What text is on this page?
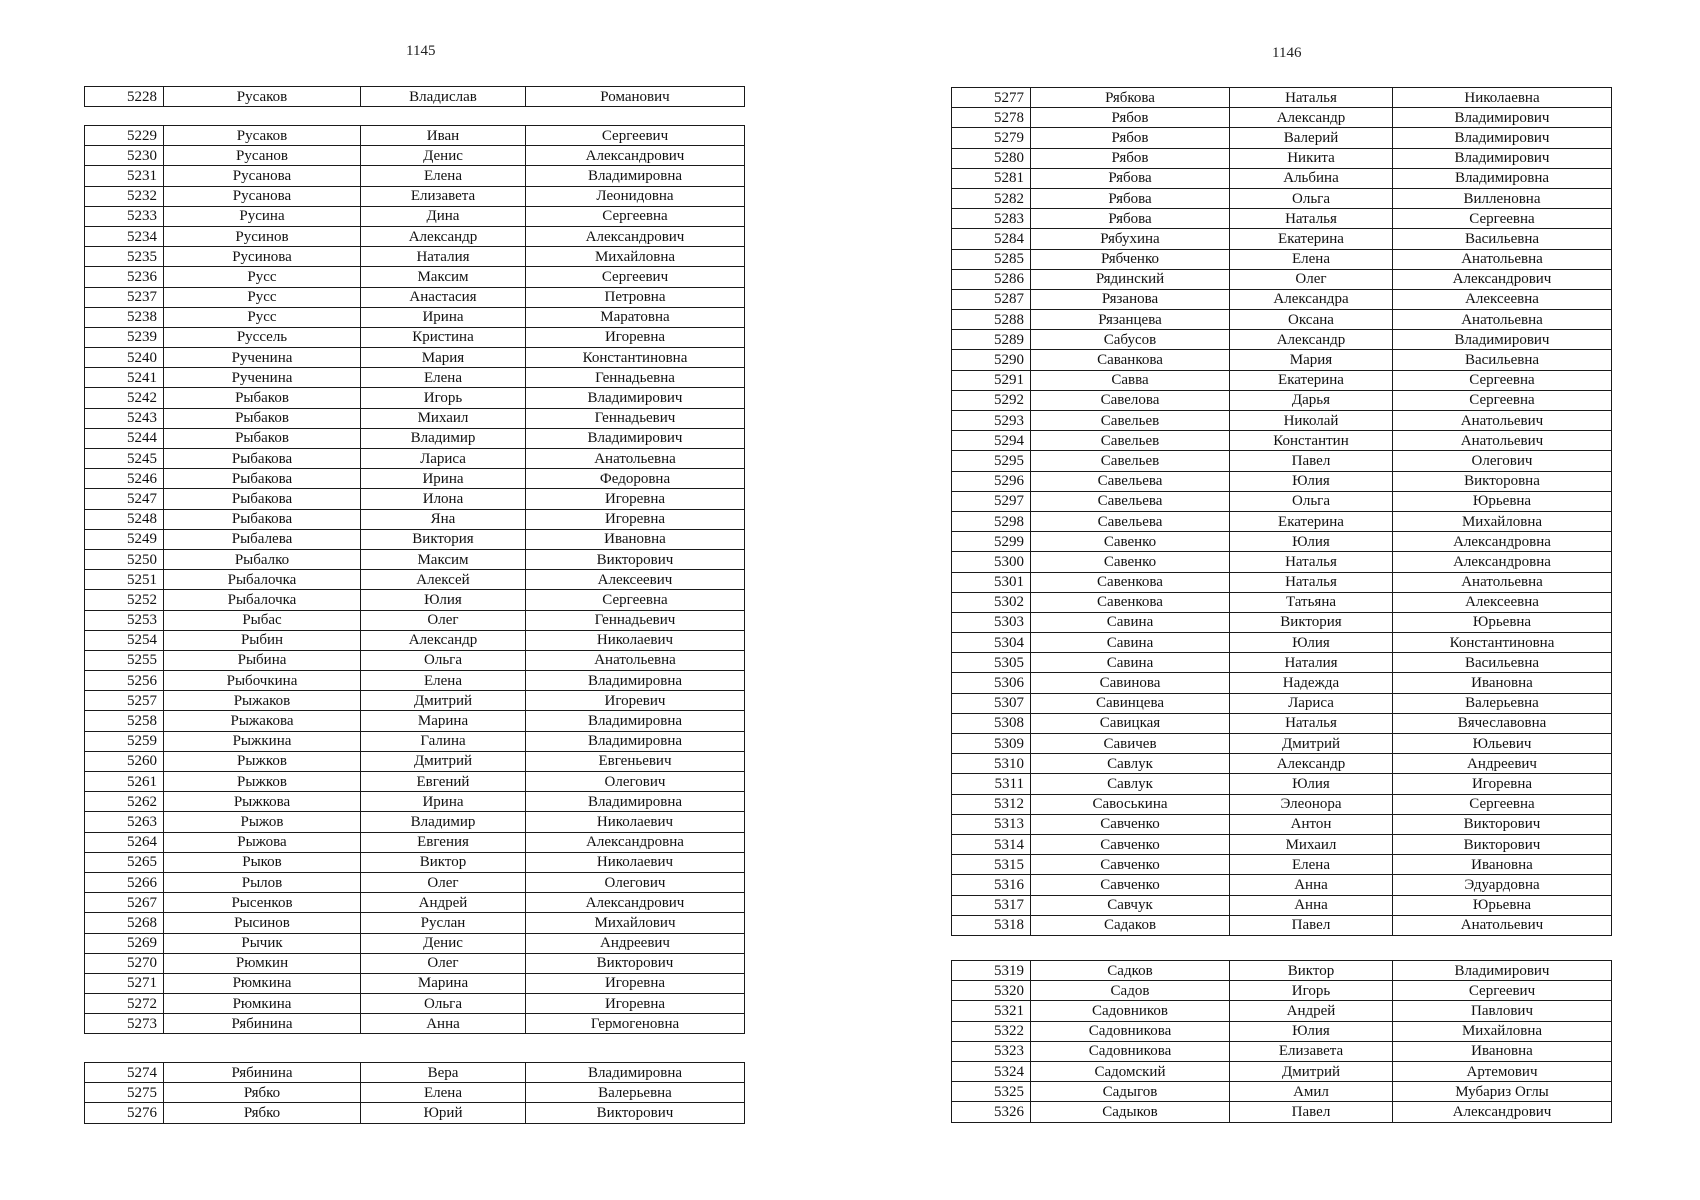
1145	1146
5228	Русаков	Владислав	Романович
5229	Русаков	Иван	Сергеевич
5230	Русанов	Денис	Александрович
5231	Русанова	Елена	Владимировна
5232	Русанова	Елизавета	Леонидовна
5233	Русина	Дина	Сергеевна
5234	Русинов	Александр	Александрович
5235	Русинова	Наталия	Михайловна
5236	Русс	Максим	Сергеевич
5237	Русс	Анастасия	Петровна
5238	Русс	Ирина	Маратовна
5239	Руссель	Кристина	Игоревна
5240	Рученина	Мария	Константиновна
5241	Рученина	Елена	Геннадьевна
5242	Рыбаков	Игорь	Владимирович
5243	Рыбаков	Михаил	Геннадьевич
5244	Рыбаков	Владимир	Владимирович
5245	Рыбакова	Лариса	Анатольевна
5246	Рыбакова	Ирина	Федоровна
5247	Рыбакова	Илона	Игоревна
5248	Рыбакова	Яна	Игоревна
5249	Рыбалева	Виктория	Ивановна
5250	Рыбалко	Максим	Викторович
5251	Рыбалочка	Алексей	Алексеевич
5252	Рыбалочка	Юлия	Сергеевна
5253	Рыбас	Олег	Геннадьевич
5254	Рыбин	Александр	Николаевич
5255	Рыбина	Ольга	Анатольевна
5256	Рыбочкина	Елена	Владимировна
5257	Рыжаков	Дмитрий	Игоревич
5258	Рыжакова	Марина	Владимировна
5259	Рыжкина	Галина	Владимировна
5260	Рыжков	Дмитрий	Евгеньевич
5261	Рыжков	Евгений	Олегович
5262	Рыжкова	Ирина	Владимировна
5263	Рыжов	Владимир	Николаевич
5264	Рыжова	Евгения	Александровна
5265	Рыков	Виктор	Николаевич
5266	Рылов	Олег	Олегович
5267	Рысенков	Андрей	Александрович
5268	Рысинов	Руслан	Михайлович
5269	Рычик	Денис	Андреевич
5270	Рюмкин	Олег	Викторович
5271	Рюмкина	Марина	Игоревна
5272	Рюмкина	Ольга	Игоревна
5273	Рябинина	Анна	Гермогеновна
5274	Рябинина	Вера	Владимировна
5275	Рябко	Елена	Валерьевна
5276	Рябко	Юрий	Викторович
5277	Рябкова	Наталья	Николаевна
5278	Рябов	Александр	Владимирович
5279	Рябов	Валерий	Владимирович
5280	Рябов	Никита	Владимирович
5281	Рябова	Альбина	Владимировна
5282	Рябова	Ольга	Вилленовна
5283	Рябова	Наталья	Сергеевна
5284	Рябухина	Екатерина	Васильевна
5285	Рябченко	Елена	Анатольевна
5286	Рядинский	Олег	Александрович
5287	Рязанова	Александра	Алексеевна
5288	Рязанцева	Оксана	Анатольевна
5289	Сабусов	Александр	Владимирович
5290	Саванкова	Мария	Васильевна
5291	Савва	Екатерина	Сергеевна
5292	Савелова	Дарья	Сергеевна
5293	Савельев	Николай	Анатольевич
5294	Савельев	Константин	Анатольевич
5295	Савельев	Павел	Олегович
5296	Савельева	Юлия	Викторовна
5297	Савельева	Ольга	Юрьевна
5298	Савельева	Екатерина	Михайловна
5299	Савенко	Юлия	Александровна
5300	Савенко	Наталья	Александровна
5301	Савенкова	Наталья	Анатольевна
5302	Савенкова	Татьяна	Алексеевна
5303	Савина	Виктория	Юрьевна
5304	Савина	Юлия	Константиновна
5305	Савина	Наталия	Васильевна
5306	Савинова	Надежда	Ивановна
5307	Савинцева	Лариса	Валерьевна
5308	Савицкая	Наталья	Вячеславовна
5309	Савичев	Дмитрий	Юльевич
5310	Савлук	Александр	Андреевич
5311	Савлук	Юлия	Игоревна
5312	Савоськина	Элеонора	Сергеевна
5313	Савченко	Антон	Викторович
5314	Савченко	Михаил	Викторович
5315	Савченко	Елена	Ивановна
5316	Савченко	Анна	Эдуардовна
5317	Савчук	Анна	Юрьевна
5318	Садаков	Павел	Анатольевич
5319	Садков	Виктор	Владимирович
5320	Садов	Игорь	Сергеевич
5321	Садовников	Андрей	Павлович
5322	Садовникова	Юлия	Михайловна
5323	Садовникова	Елизавета	Ивановна
5324	Садомский	Дмитрий	Артемович
5325	Садыгов	Амил	Мубариз Оглы
5326	Садыков	Павел	Александрович
